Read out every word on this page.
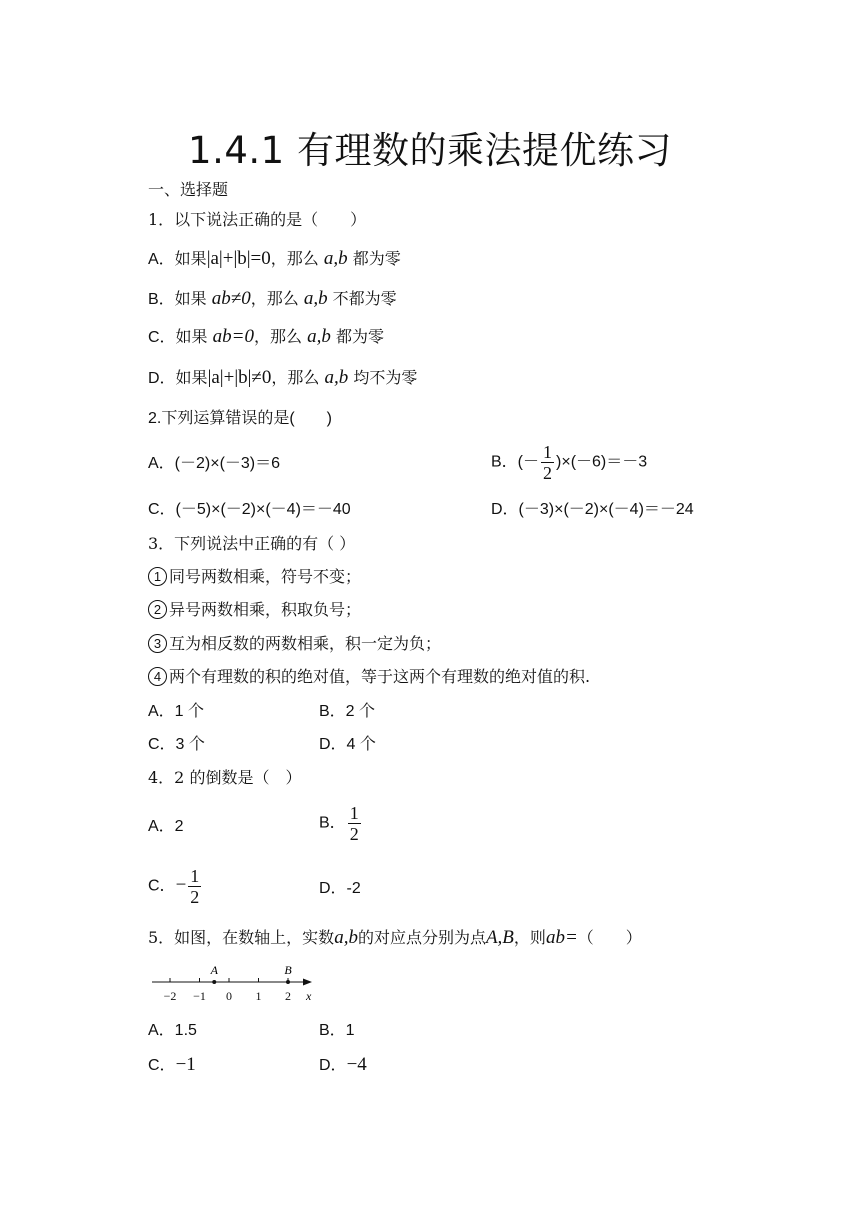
1.4.1 有理数的乘法提优练习
一、选择题
1．以下说法正确的是（　　）
A．如果|a|+|b|=0，那么 a,b 都为零
B．如果 ab≠0，那么 a,b 不都为零
C．如果 ab=0，那么 a,b 都为零
D．如果|a|+|b|≠0，那么 a,b 均不为零
2.下列运算错误的是(　　)
A．(－2)×(－3)＝6	B．(－ $\frac{1}{2} )\times(-6)=-3$
C．(－5)×(－2)×(－4)＝－40	D．(－3)×(－2)×(－4)＝－24
3．下列说法中正确的有（ ）
1 同号两数相乘，符号不变；
2 异号两数相乘，积取负号；
3 互为相反数的两数相乘，积一定为负；
4 两个有理数的积的绝对值，等于这两个有理数的绝对值的积.
A．1 个	B．2 个
C．3 个	D．4 个
4．2 的倒数是（　）
A．2	B． $\frac{1}{2}$
C．− $\frac{1}{2}$	D．-2
5．如图，在数轴上，实数a,b的对应点分别为点A,B，则ab=（　　）
−2 −1 0 1 2
A	B
x
A．1.5	B．1
C．−1	D．−4
